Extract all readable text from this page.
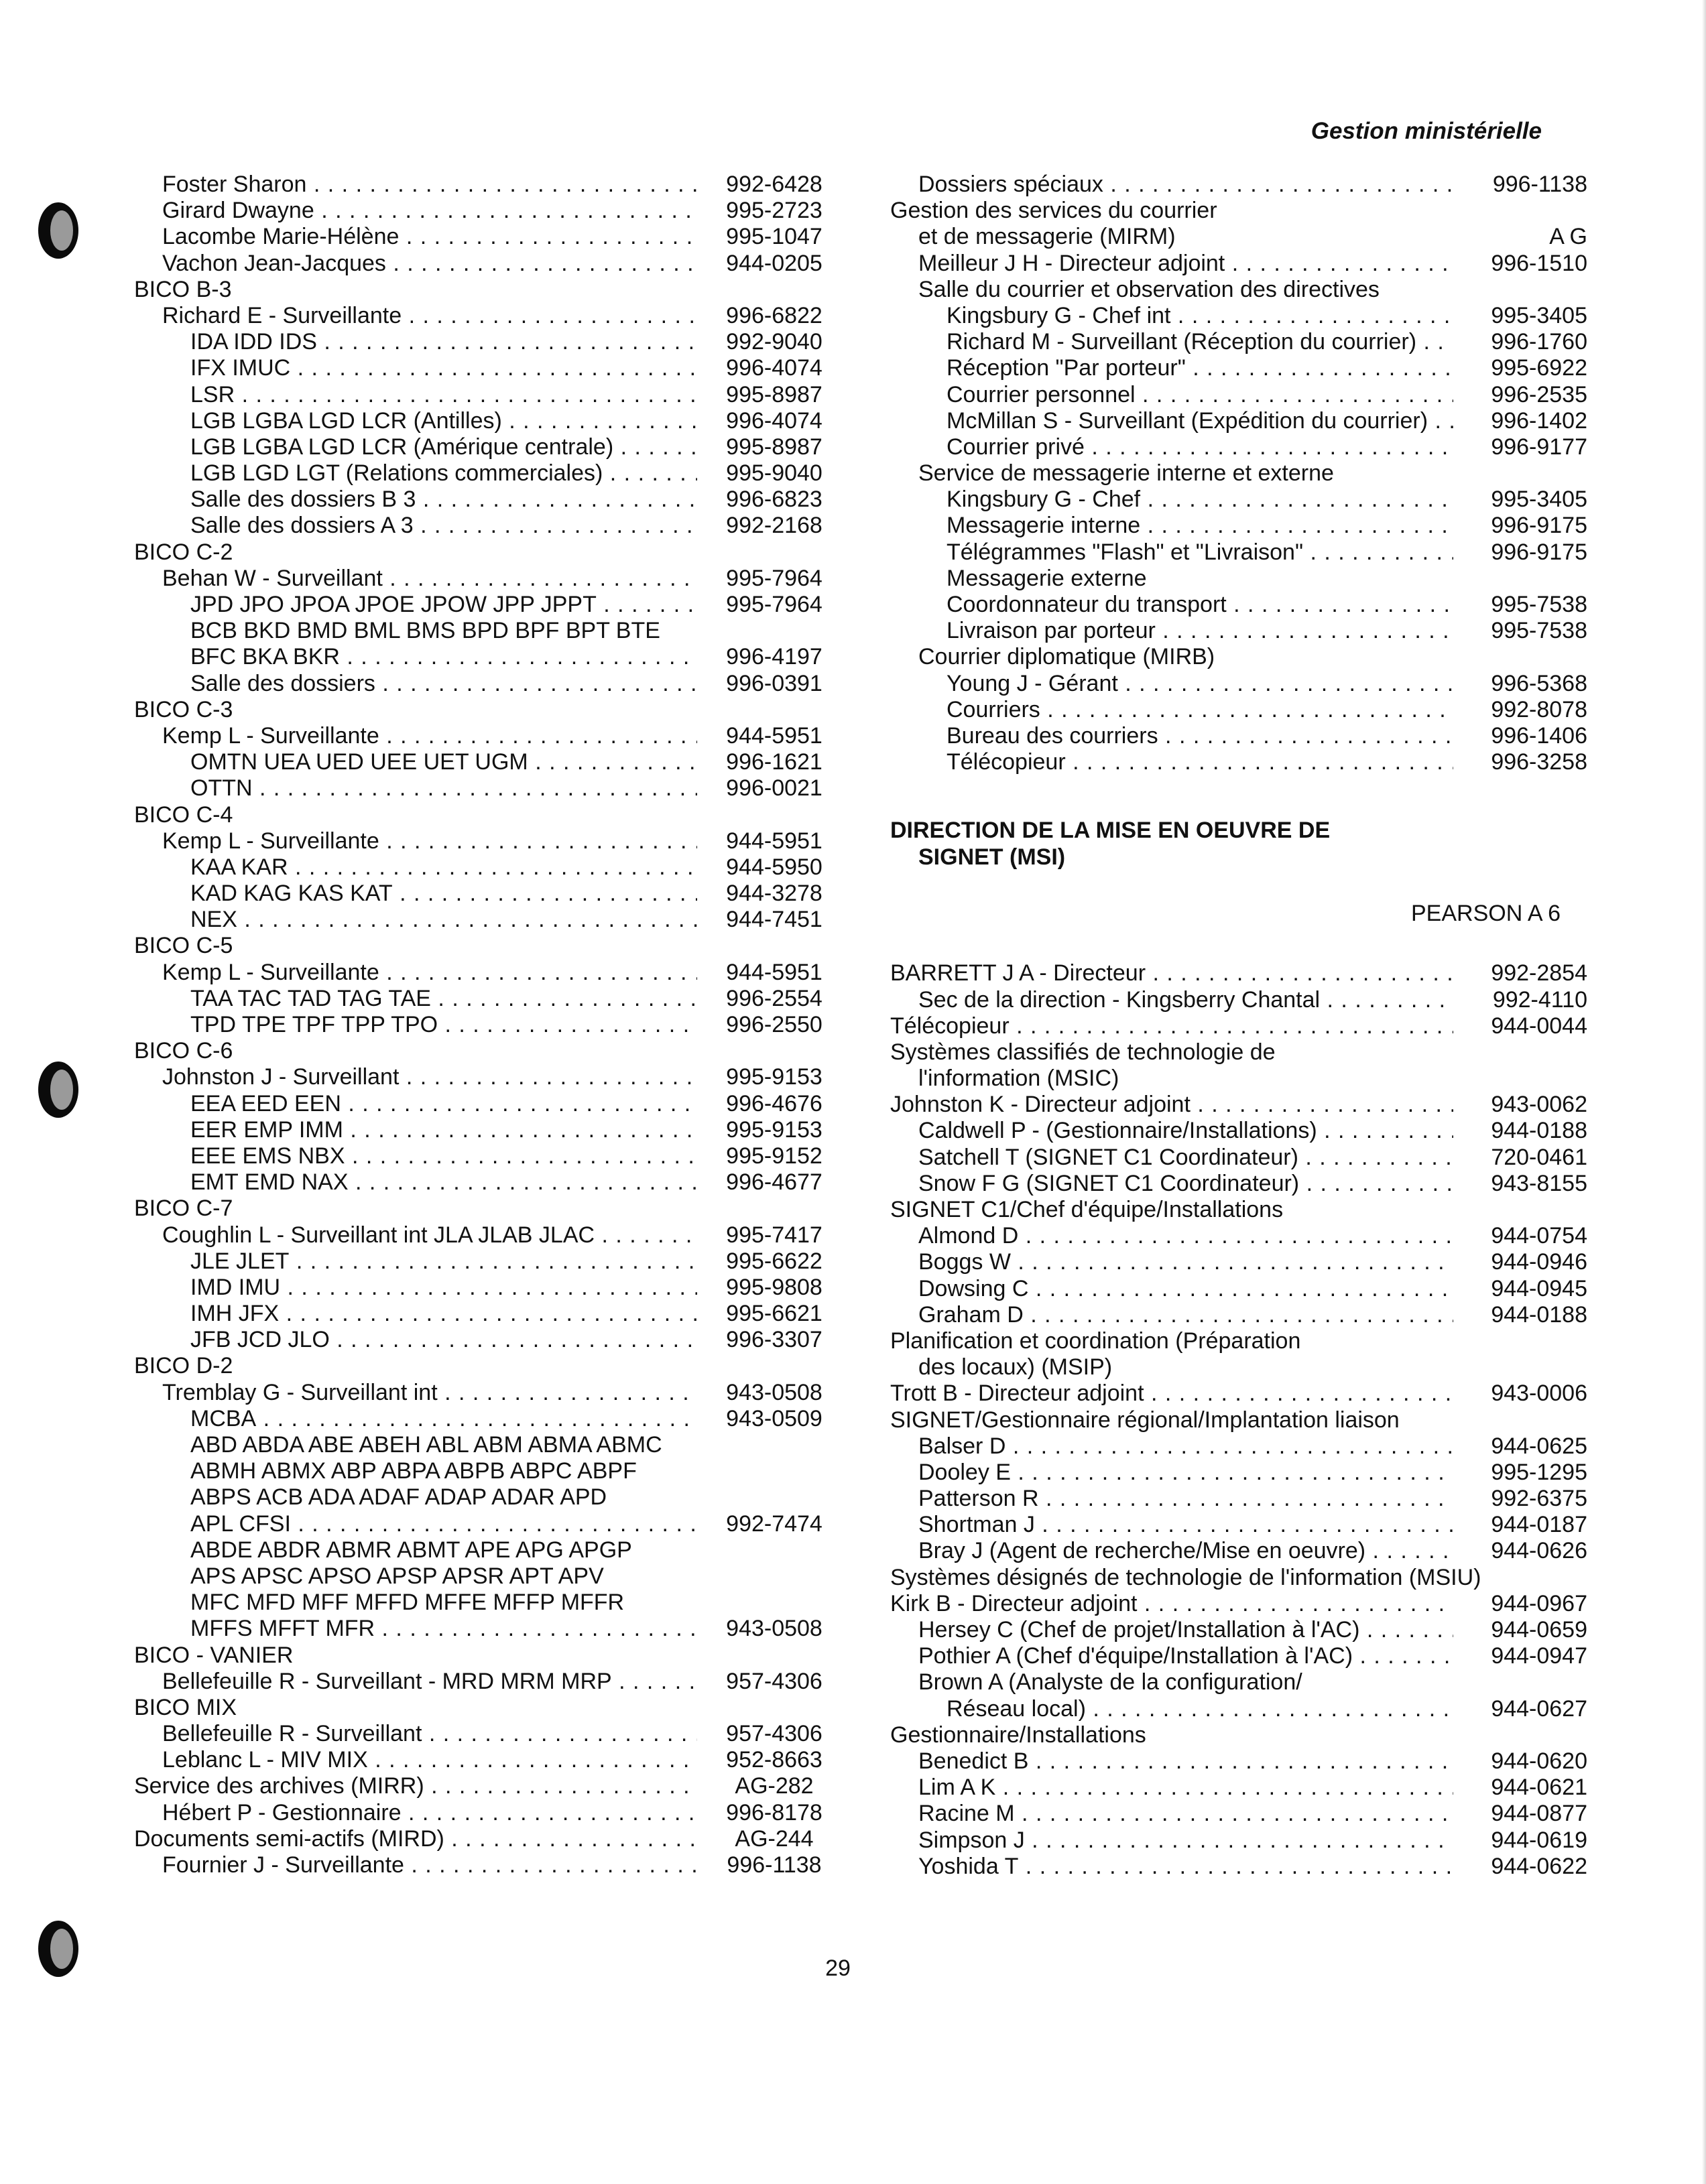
Gestion ministérielle
Foster Sharon . . .	992-6428
Girard Dwayne . . .	995-2723
Lacombe Marie-Hélène . . .	995-1047
Vachon Jean-Jacques . . .	944-0205
BICO B-3
Richard E - Surveillante . . .	996-6822
IDA IDD IDS . . .	992-9040
IFX IMUC . . .	996-4074
LSR . . .	995-8987
LGB LGBA LGD LCR (Antilles) . . .	996-4074
LGB LGBA LGD LCR (Amérique centrale) . . .	995-8987
LGB LGD LGT (Relations commerciales) . . .	995-9040
Salle des dossiers B 3 . . .	996-6823
Salle des dossiers A 3 . . .	992-2168
BICO C-2
Behan W - Surveillant . . .	995-7964
JPD JPO JPOA JPOE JPOW JPP JPPT . . .	995-7964
BCB BKD BMD BML BMS BPD BPF BPT BTE
BFC BKA BKR . . .	996-4197
Salle des dossiers . . .	996-0391
BICO C-3
Kemp L - Surveillante . . .	944-5951
OMTN UEA UED UEE UET UGM . . .	996-1621
OTTN . . .	996-0021
BICO C-4
Kemp L - Surveillante . . .	944-5951
KAA KAR . . .	944-5950
KAD KAG KAS KAT . . .	944-3278
NEX . . .	944-7451
BICO C-5
Kemp L - Surveillante . . .	944-5951
TAA TAC TAD TAG TAE . . .	996-2554
TPD TPE TPF TPP TPO . . .	996-2550
BICO C-6
Johnston J - Surveillant . . .	995-9153
EEA EED EEN . . .	996-4676
EER EMP IMM . . .	995-9153
EEE EMS NBX . . .	995-9152
EMT EMD NAX . . .	996-4677
BICO C-7
Coughlin L - Surveillant int JLA JLAB JLAC . . .	995-7417
JLE JLET . . .	995-6622
IMD IMU . . .	995-9808
IMH JFX . . .	995-6621
JFB JCD JLO . . .	996-3307
BICO D-2
Tremblay G - Surveillant int . . .	943-0508
MCBA . . .	943-0509
ABD ABDA ABE ABEH ABL ABM ABMA ABMC
ABMH ABMX ABP ABPA ABPB ABPC ABPF
ABPS ACB ADA ADAF ADAP ADAR APD
APL CFSI . . .	992-7474
ABDE ABDR ABMR ABMT APE APG APGP
APS APSC APSO APSP APSR APT APV
MFC MFD MFF MFFD MFFE MFFP MFFR
MFFS MFFT MFR . . .	943-0508
BICO - VANIER
Bellefeuille R - Surveillant - MRD MRM MRP . . .	957-4306
BICO MIX
Bellefeuille R - Surveillant . . .	957-4306
Leblanc L - MIV MIX . . .	952-8663
Service des archives (MIRR) . . .	AG-282
Hébert P - Gestionnaire . . .	996-8178
Documents semi-actifs (MIRD) . . .	AG-244
Fournier J - Surveillante . . .	996-1138
Dossiers spéciaux . . .	996-1138
Gestion des services du courrier
et de messagerie (MIRM)	A G
Meilleur J H - Directeur adjoint . . .	996-1510
Salle du courrier et observation des directives
Kingsbury G - Chef int . . .	995-3405
Richard M - Surveillant (Réception du courrier) . . .	996-1760
Réception "Par porteur" . . .	995-6922
Courrier personnel . . .	996-2535
McMillan S - Surveillant (Expédition du courrier) . . .	996-1402
Courrier privé . . .	996-9177
Service de messagerie interne et externe
Kingsbury G - Chef . . .	995-3405
Messagerie interne . . .	996-9175
Télégrammes "Flash" et "Livraison" . . .	996-9175
Messagerie externe
Coordonnateur du transport . . .	995-7538
Livraison par porteur . . .	995-7538
Courrier diplomatique (MIRB)
Young J - Gérant . . .	996-5368
Courriers . . .	992-8078
Bureau des courriers . . .	996-1406
Télécopieur . . .	996-3258
DIRECTION DE LA MISE EN OEUVRE DE
SIGNET (MSI)
PEARSON A 6
BARRETT J A - Directeur . . .	992-2854
Sec de la direction - Kingsberry Chantal . . .	992-4110
Télécopieur . . .	944-0044
Systèmes classifiés de technologie de
l'information (MSIC)
Johnston K - Directeur adjoint . . .	943-0062
Caldwell P - (Gestionnaire/Installations) . . .	944-0188
Satchell T (SIGNET C1 Coordinateur) . . .	720-0461
Snow F G (SIGNET C1 Coordinateur) . . .	943-8155
SIGNET C1/Chef d'équipe/Installations
Almond D . . .	944-0754
Boggs W . . .	944-0946
Dowsing C . . .	944-0945
Graham D . . .	944-0188
Planification et coordination (Préparation
des locaux) (MSIP)
Trott B - Directeur adjoint . . .	943-0006
SIGNET/Gestionnaire régional/Implantation liaison
Balser D . . .	944-0625
Dooley E . . .	995-1295
Patterson R . . .	992-6375
Shortman J . . .	944-0187
Bray J (Agent de recherche/Mise en oeuvre) . . .	944-0626
Systèmes désignés de technologie de l'information (MSIU)
Kirk B - Directeur adjoint . . .	944-0967
Hersey C (Chef de projet/Installation à l'AC) . . .	944-0659
Pothier A (Chef d'équipe/Installation à l'AC) . . .	944-0947
Brown A (Analyste de la configuration/
Réseau local) . . .	944-0627
Gestionnaire/Installations
Benedict B . . .	944-0620
Lim A K . . .	944-0621
Racine M . . .	944-0877
Simpson J . . .	944-0619
Yoshida T . . .	944-0622
29
